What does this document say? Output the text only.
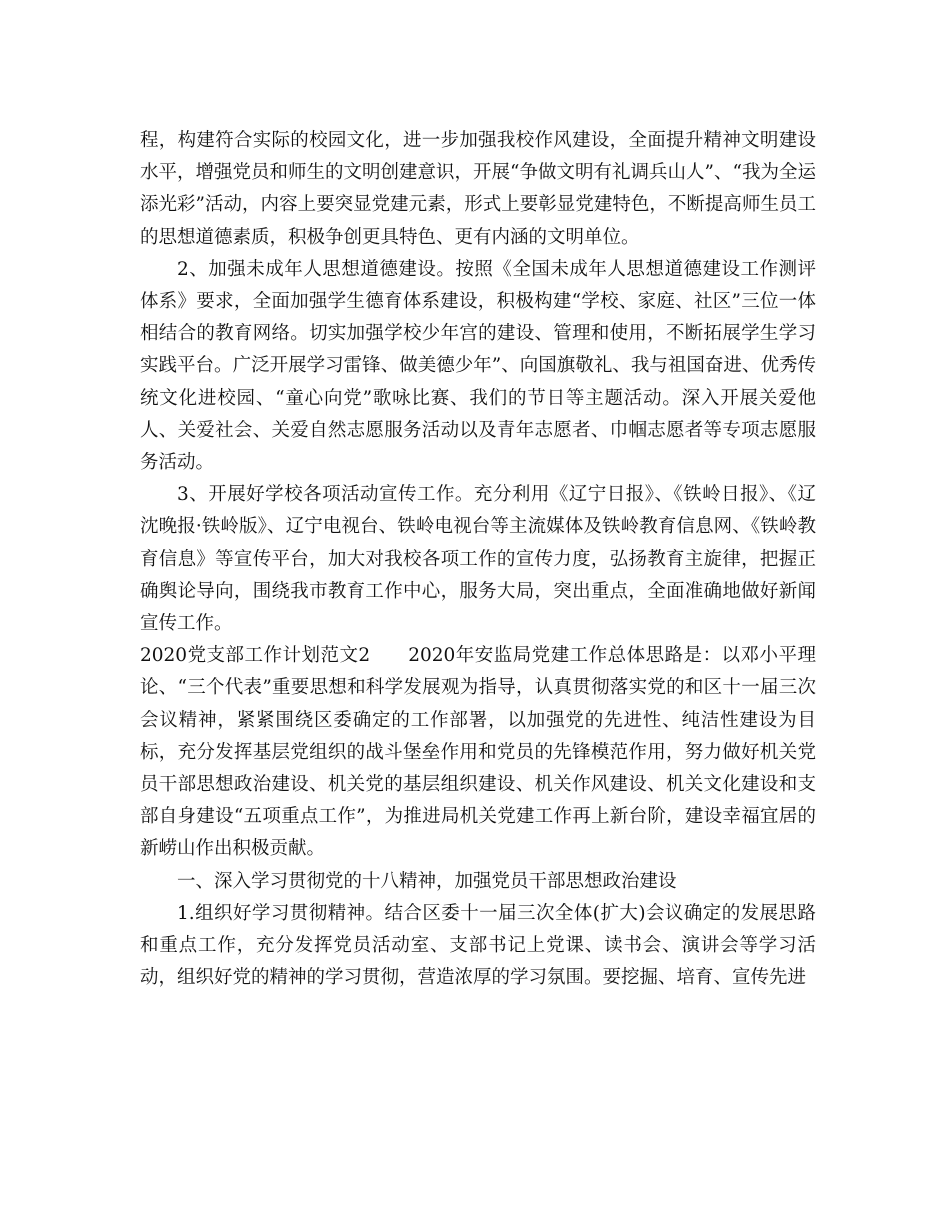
程，构建符合实际的校园文化，进一步加强我校作风建设，全面提升精神文明建设水平，增强党员和师生的文明创建意识，开展“争做文明有礼调兵山人”、“我为全运添光彩”活动，内容上要突显党建元素，形式上要彰显党建特色，不断提高师生员工的思想道德素质，积极争创更具特色、更有内涵的文明单位。

2、加强未成年人思想道德建设。按照《全国未成年人思想道德建设工作测评体系》要求，全面加强学生德育体系建设，积极构建“学校、家庭、社区”三位一体相结合的教育网络。切实加强学校少年宫的建设、管理和使用，不断拓展学生学习实践平台。广泛开展学习雷锋、做美德少年”、向国旗敬礼、我与祖国奋进、优秀传统文化进校园、“童心向党”歌咏比赛、我们的节日等主题活动。深入开展关爱他人、关爱社会、关爱自然志愿服务活动以及青年志愿者、巾帼志愿者等专项志愿服务活动。

3、开展好学校各项活动宣传工作。充分利用《辽宁日报》、《铁岭日报》、《辽沈晚报·铁岭版》、辽宁电视台、铁岭电视台等主流媒体及铁岭教育信息网、《铁岭教育信息》等宣传平台，加大对我校各项工作的宣传力度，弘扬教育主旋律，把握正确舆论导向，围绕我市教育工作中心，服务大局，突出重点，全面准确地做好新闻宣传工作。

2020党支部工作计划范文2 2020年安监局党建工作总体思路是：以邓小平理论、“三个代表”重要思想和科学发展观为指导，认真贯彻落实党的和区十一届三次会议精神，紧紧围绕区委确定的工作部署，以加强党的先进性、纯洁性建设为目标，充分发挥基层党组织的战斗堡垒作用和党员的先锋模范作用，努力做好机关党员干部思想政治建设、机关党的基层组织建设、机关作风建设、机关文化建设和支部自身建设“五项重点工作”，为推进局机关党建工作再上新台阶，建设幸福宜居的新崂山作出积极贡献。

一、深入学习贯彻党的十八精神，加强党员干部思想政治建设

1.组织好学习贯彻精神。结合区委十一届三次全体(扩大)会议确定的发展思路和重点工作，充分发挥党员活动室、支部书记上党课、读书会、演讲会等学习活动，组织好党的精神的学习贯彻，营造浓厚的学习氛围。要挖掘、培育、宣传先进
